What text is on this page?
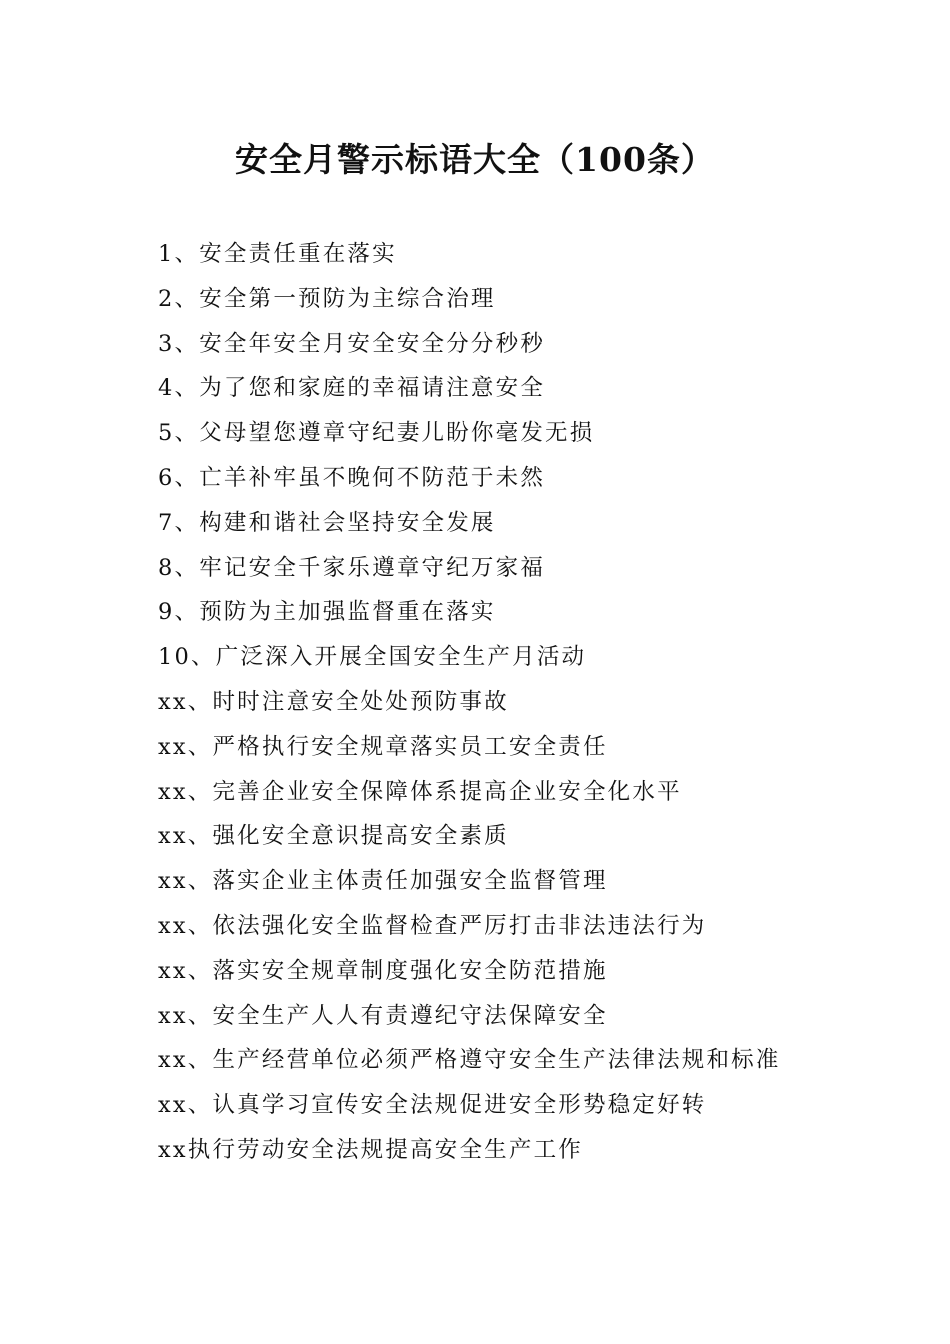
安全月警示标语大全（100条）
1、安全责任重在落实
2、安全第一预防为主综合治理
3、安全年安全月安全安全分分秒秒
4、为了您和家庭的幸福请注意安全
5、父母望您遵章守纪妻儿盼你毫发无损
6、亡羊补牢虽不晚何不防范于未然
7、构建和谐社会坚持安全发展
8、牢记安全千家乐遵章守纪万家福
9、预防为主加强监督重在落实
10、广泛深入开展全国安全生产月活动
xx、时时注意安全处处预防事故
xx、严格执行安全规章落实员工安全责任
xx、完善企业安全保障体系提高企业安全化水平
xx、强化安全意识提高安全素质
xx、落实企业主体责任加强安全监督管理
xx、依法强化安全监督检查严厉打击非法违法行为
xx、落实安全规章制度强化安全防范措施
xx、安全生产人人有责遵纪守法保障安全
xx、生产经营单位必须严格遵守安全生产法律法规和标准
xx、认真学习宣传安全法规促进安全形势稳定好转
xx执行劳动安全法规提高安全生产工作
